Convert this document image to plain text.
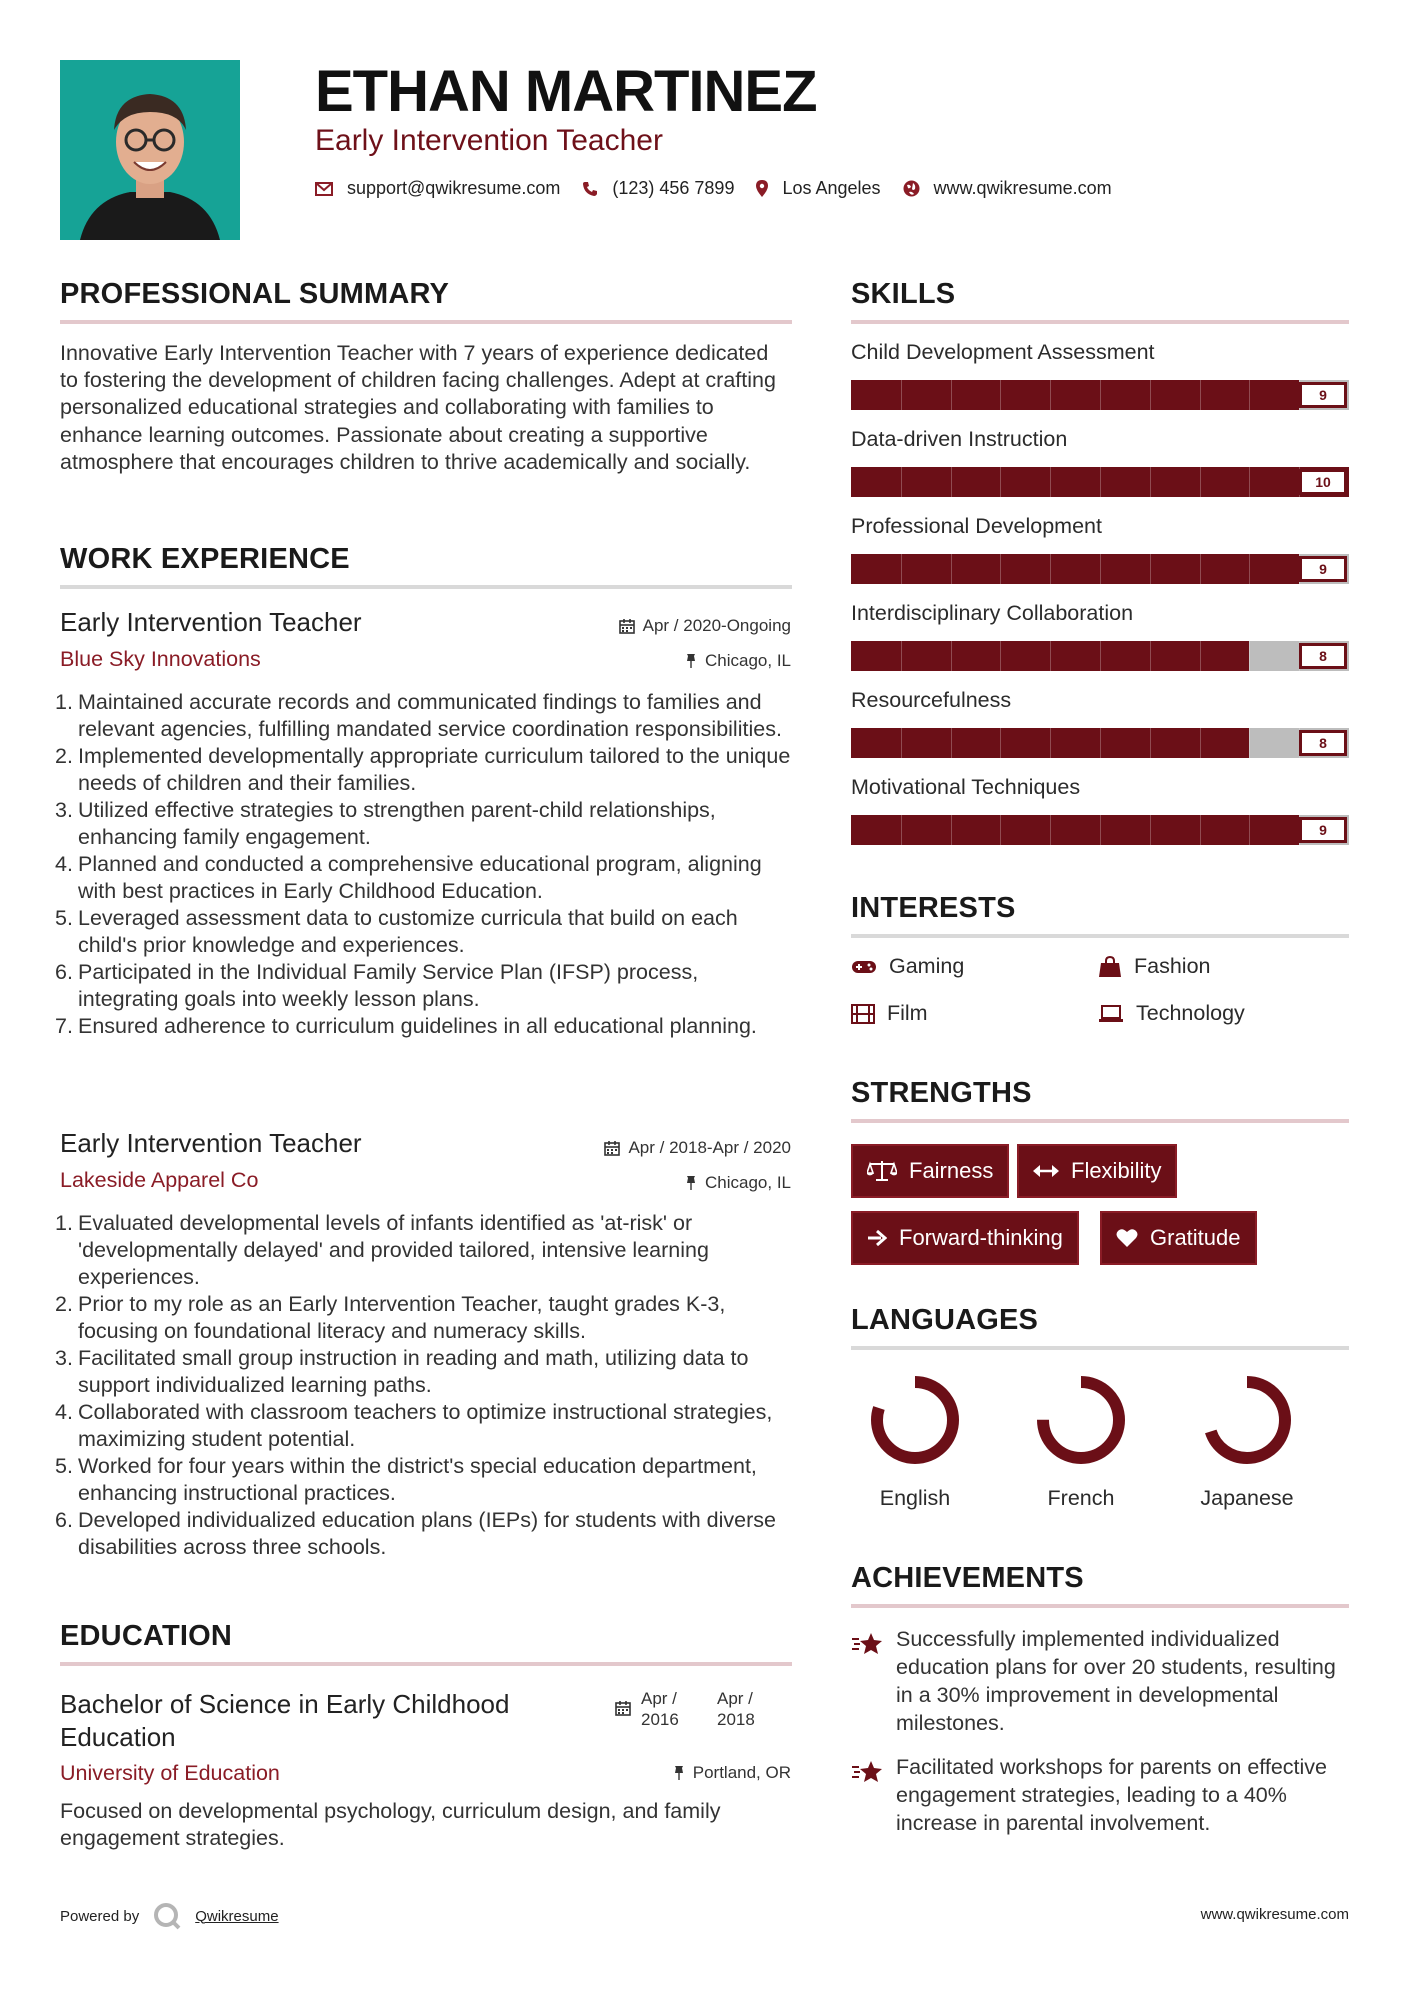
ETHAN MARTINEZ
Early Intervention Teacher
support@qwikresume.com	(123) 456 7899	Los Angeles	www.qwikresume.com
PROFESSIONAL SUMMARY
Innovative Early Intervention Teacher with 7 years of experience dedicated to fostering the development of children facing challenges. Adept at crafting personalized educational strategies and collaborating with families to enhance learning outcomes. Passionate about creating a supportive atmosphere that encourages children to thrive academically and socially.
WORK EXPERIENCE
Early Intervention Teacher	Apr / 2020-Ongoing
Blue Sky Innovations	Chicago, IL
1. Maintained accurate records and communicated findings to families and relevant agencies, fulfilling mandated service coordination responsibilities.
2. Implemented developmentally appropriate curriculum tailored to the unique needs of children and their families.
3. Utilized effective strategies to strengthen parent-child relationships, enhancing family engagement.
4. Planned and conducted a comprehensive educational program, aligning with best practices in Early Childhood Education.
5. Leveraged assessment data to customize curricula that build on each child's prior knowledge and experiences.
6. Participated in the Individual Family Service Plan (IFSP) process, integrating goals into weekly lesson plans.
7. Ensured adherence to curriculum guidelines in all educational planning.
Early Intervention Teacher	Apr / 2018-Apr / 2020
Lakeside Apparel Co	Chicago, IL
1. Evaluated developmental levels of infants identified as 'at-risk' or 'developmentally delayed' and provided tailored, intensive learning experiences.
2. Prior to my role as an Early Intervention Teacher, taught grades K-3, focusing on foundational literacy and numeracy skills.
3. Facilitated small group instruction in reading and math, utilizing data to support individualized learning paths.
4. Collaborated with classroom teachers to optimize instructional strategies, maximizing student potential.
5. Worked for four years within the district's special education department, enhancing instructional practices.
6. Developed individualized education plans (IEPs) for students with diverse disabilities across three schools.
EDUCATION
Bachelor of Science in Early Childhood Education
Apr / 2016
Apr / 2018
University of Education	Portland, OR
Focused on developmental psychology, curriculum design, and family engagement strategies.
SKILLS
Child Development Assessment
9
Data-driven Instruction
10
Professional Development
9
Interdisciplinary Collaboration
8
Resourcefulness
8
Motivational Techniques
9
INTERESTS
Gaming	Fashion
Film	Technology
STRENGTHS
Fairness	Flexibility
Forward-thinking	Gratitude
LANGUAGES
English	French	Japanese
ACHIEVEMENTS
Successfully implemented individualized education plans for over 20 students, resulting in a 30% improvement in developmental milestones.
Facilitated workshops for parents on effective engagement strategies, leading to a 40% increase in parental involvement.
Powered by	Qwikresume	www.qwikresume.com
